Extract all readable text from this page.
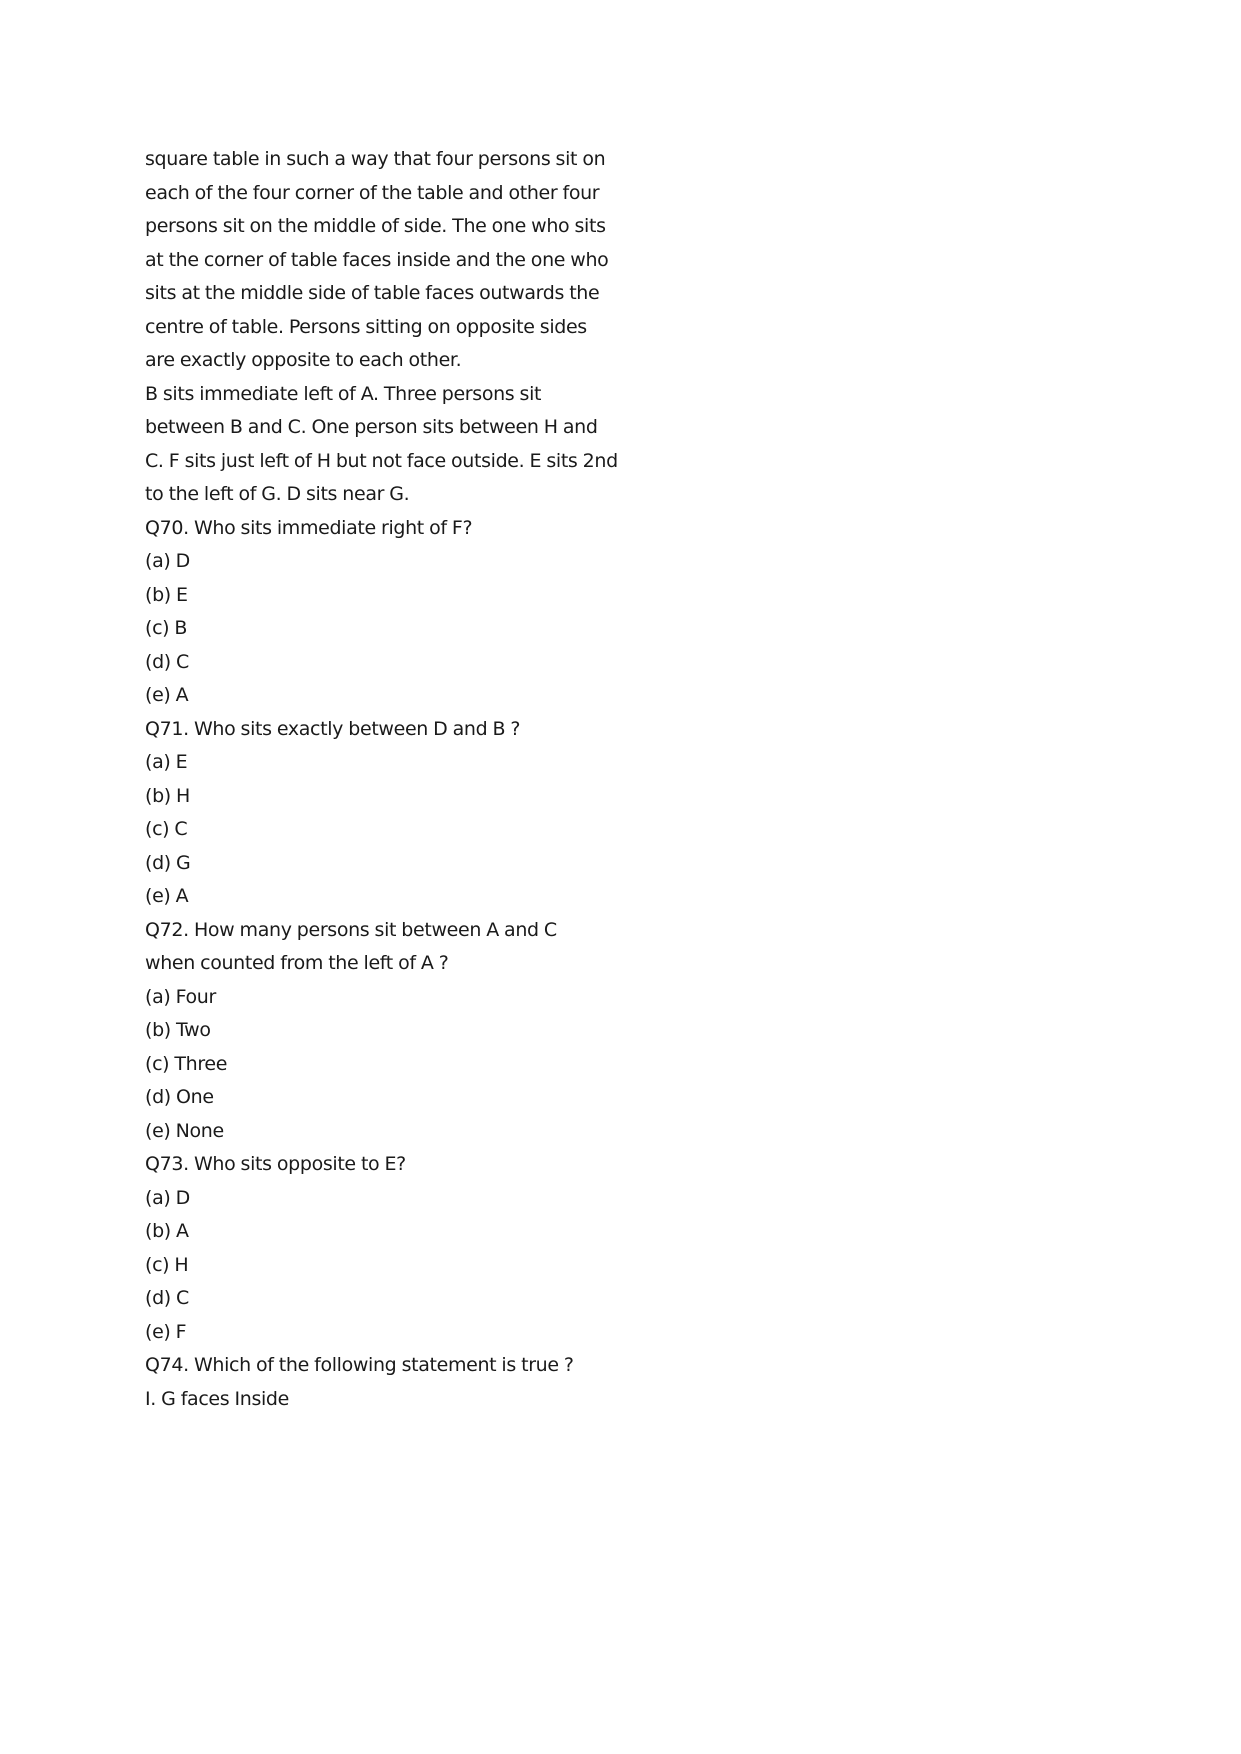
square table in such a way that four persons sit on
each of the four corner of the table and other four
persons sit on the middle of side. The one who sits
at the corner of table faces inside and the one who
sits at the middle side of table faces outwards the
centre of table. Persons sitting on opposite sides
are exactly opposite to each other.
B sits immediate left of A. Three persons sit
between B and C. One person sits between H and
C. F sits just left of H but not face outside. E sits 2nd
to the left of G. D sits near G.
Q70. Who sits immediate right of F?
(a) D
(b) E
(c) B
(d) C
(e) A
Q71. Who sits exactly between D and B ?
(a) E
(b) H
(c) C
(d) G
(e) A
Q72. How many persons sit between A and C
when counted from the left of A ?
(a) Four
(b) Two
(c) Three
(d) One
(e) None
Q73. Who sits opposite to E?
(a) D
(b) A
(c) H
(d) C
(e) F
Q74. Which of the following statement is true ?
I. G faces Inside
